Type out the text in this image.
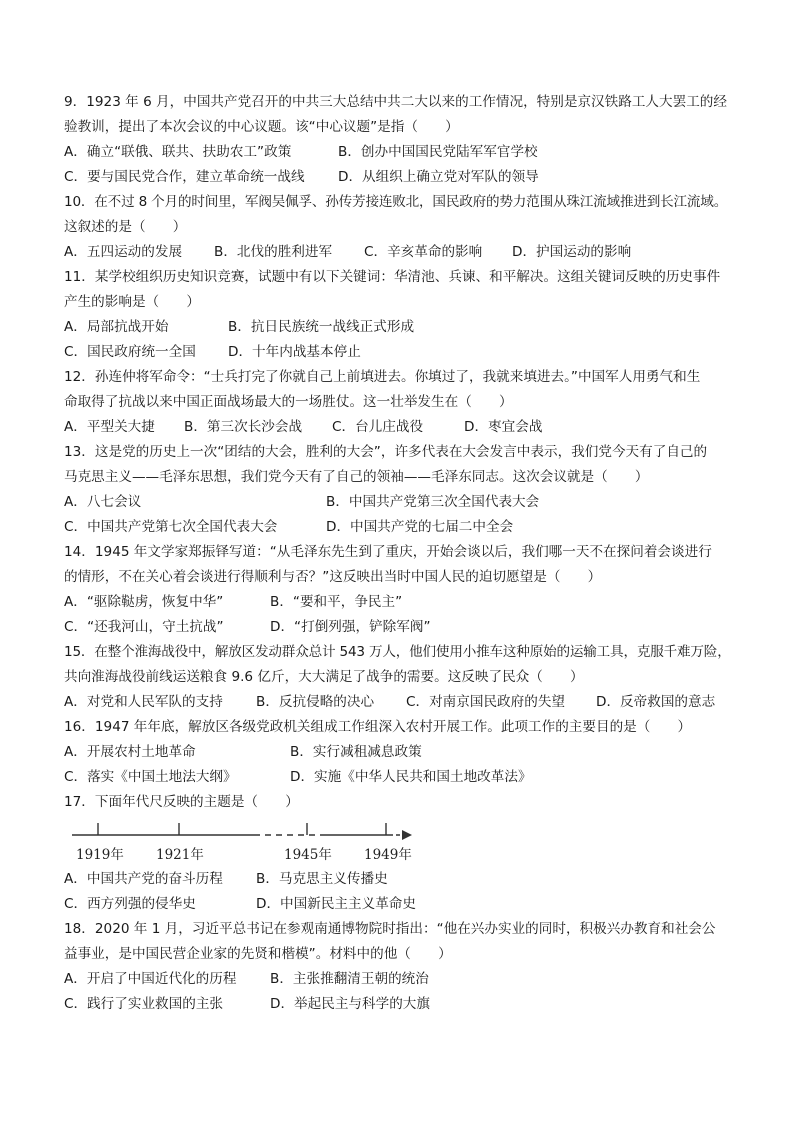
9．1923 年 6 月，中国共产党召开的中共三大总结中共二大以来的工作情况，特别是京汉铁路工人大罢工的经
验教训，提出了本次会议的中心议题。该“中心议题”是指（　　）
A．确立“联俄、联共、扶助农工”政策	B．创办中国国民党陆军军官学校
C．要与国民党合作，建立革命统一战线	D．从组织上确立党对军队的领导
10．在不过 8 个月的时间里，军阀吴佩孚、孙传芳接连败北，国民政府的势力范围从珠江流域推进到长江流域。
这叙述的是（　　）
A．五四运动的发展	B．北伐的胜利进军	C．辛亥革命的影响	D．护国运动的影响
11．某学校组织历史知识竞赛，试题中有以下关键词：华清池、兵谏、和平解决。这组关键词反映的历史事件
产生的影响是（　　）
A．局部抗战开始	B．抗日民族统一战线正式形成
C．国民政府统一全国	D．十年内战基本停止
12．孙连仲将军命令：“士兵打完了你就自己上前填进去。你填过了，我就来填进去。”中国军人用勇气和生
命取得了抗战以来中国正面战场最大的一场胜仗。这一壮举发生在（　　）
A．平型关大捷	B．第三次长沙会战	C．台儿庄战役	D．枣宜会战
13．这是党的历史上一次“团结的大会，胜利的大会”，许多代表在大会发言中表示，我们党今天有了自己的
马克思主义——毛泽东思想，我们党今天有了自己的领袖——毛泽东同志。这次会议就是（　　）
A．八七会议	B．中国共产党第三次全国代表大会
C．中国共产党第七次全国代表大会	D．中国共产党的七届二中全会
14．1945 年文学家郑振铎写道：“从毛泽东先生到了重庆，开始会谈以后，我们哪一天不在探问着会谈进行
的情形，不在关心着会谈进行得顺利与否？”这反映出当时中国人民的迫切愿望是（　　）
A．“驱除鞑虏，恢复中华”	B．“要和平，争民主”
C．“还我河山，守土抗战”	D．“打倒列强，铲除军阀”
15．在整个淮海战役中，解放区发动群众总计 543 万人，他们使用小推车这种原始的运输工具，克服千难万险，
共向淮海战役前线运送粮食 9.6 亿斤，大大满足了战争的需要。这反映了民众（　　）
A．对党和人民军队的支持	B．反抗侵略的决心	C．对南京国民政府的失望	D．反帝救国的意志
16．1947 年年底，解放区各级党政机关组成工作组深入农村开展工作。此项工作的主要目的是（　　）
A．开展农村土地革命	B．实行减租减息政策
C．落实《中国土地法大纲》	D．实施《中华人民共和国土地改革法》
17．下面年代尺反映的主题是（　　）
1919年 1921年	1945年 1949年
A．中国共产党的奋斗历程	B．马克思主义传播史
C．西方列强的侵华史	D．中国新民主主义革命史
18．2020 年 1 月，习近平总书记在参观南通博物院时指出：“他在兴办实业的同时，积极兴办教育和社会公
益事业，是中国民营企业家的先贤和楷模”。材料中的他（　　）
A．开启了中国近代化的历程	B．主张推翻清王朝的统治
C．践行了实业救国的主张	D．举起民主与科学的大旗
